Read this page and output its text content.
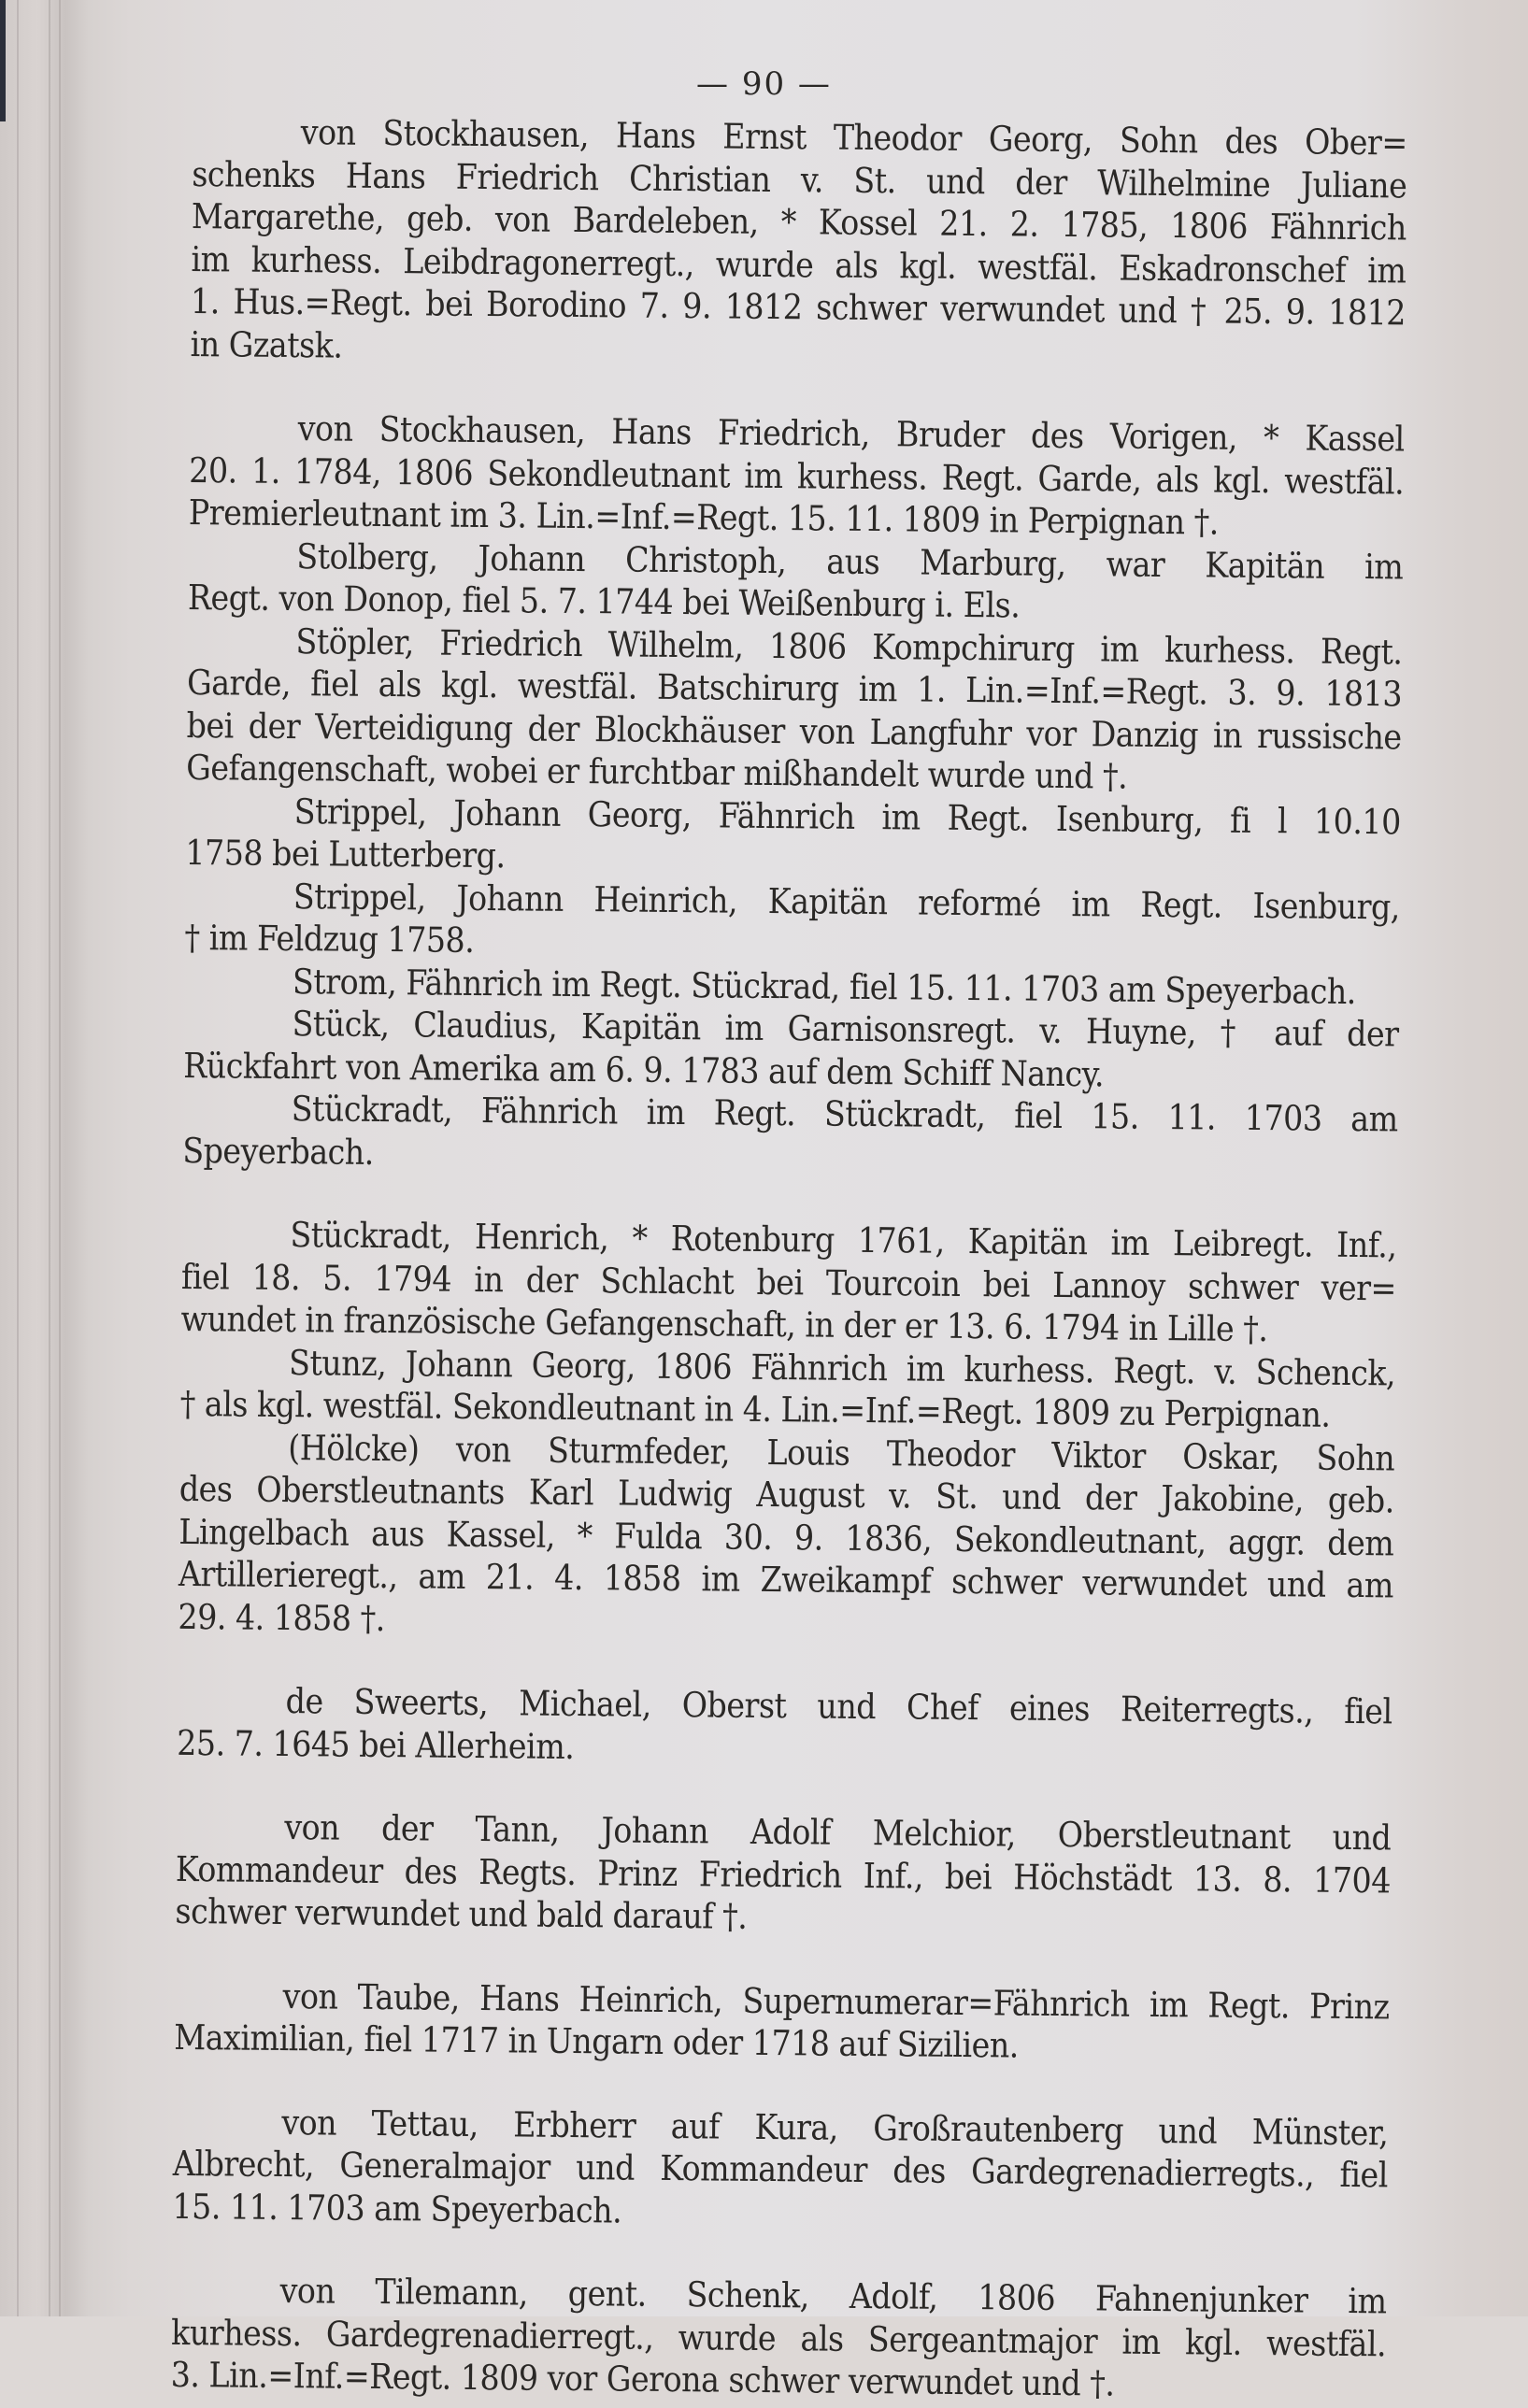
— 90 —
von Stockhausen, Hans Ernst Theodor Georg, Sohn des Ober=
schenks Hans Friedrich Christian v. St. und der Wilhelmine Juliane
Margarethe, geb. von Bardeleben, * Kossel 21. 2. 1785, 1806 Fähnrich
im kurhess. Leibdragonerregt., wurde als kgl. westfäl. Eskadronschef im
1. Hus.=Regt. bei Borodino 7. 9. 1812 schwer verwundet und † 25. 9. 1812
in Gzatsk.
von Stockhausen, Hans Friedrich, Bruder des Vorigen, * Kassel
20. 1. 1784, 1806 Sekondleutnant im kurhess. Regt. Garde, als kgl. westfäl.
Premierleutnant im 3. Lin.=Inf.=Regt. 15. 11. 1809 in Perpignan †.
Stolberg, Johann Christoph, aus Marburg, war Kapitän im
Regt. von Donop, fiel 5. 7. 1744 bei Weißenburg i. Els.
Stöpler, Friedrich Wilhelm, 1806 Kompchirurg im kurhess. Regt.
Garde, fiel als kgl. westfäl. Batschirurg im 1. Lin.=Inf.=Regt. 3. 9. 1813
bei der Verteidigung der Blockhäuser von Langfuhr vor Danzig in russische
Gefangenschaft, wobei er furchtbar mißhandelt wurde und †.
Strippel, Johann Georg, Fähnrich im Regt. Isenburg, fi l 10.10
1758 bei Lutterberg.
Strippel, Johann Heinrich, Kapitän reformé im Regt. Isenburg,
† im Feldzug 1758.
Strom, Fähnrich im Regt. Stückrad, fiel 15. 11. 1703 am Speyerbach.
Stück, Claudius, Kapitän im Garnisonsregt. v. Huyne, † auf der
Rückfahrt von Amerika am 6. 9. 1783 auf dem Schiff Nancy.
Stückradt, Fähnrich im Regt. Stückradt, fiel 15. 11. 1703 am
Speyerbach.
Stückradt, Henrich, * Rotenburg 1761, Kapitän im Leibregt. Inf.,
fiel 18. 5. 1794 in der Schlacht bei Tourcoin bei Lannoy schwer ver=
wundet in französische Gefangenschaft, in der er 13. 6. 1794 in Lille †.
Stunz, Johann Georg, 1806 Fähnrich im kurhess. Regt. v. Schenck,
† als kgl. westfäl. Sekondleutnant in 4. Lin.=Inf.=Regt. 1809 zu Perpignan.
(Hölcke) von Sturmfeder, Louis Theodor Viktor Oskar, Sohn
des Oberstleutnants Karl Ludwig August v. St. und der Jakobine, geb.
Lingelbach aus Kassel, * Fulda 30. 9. 1836, Sekondleutnant, aggr. dem
Artillerieregt., am 21. 4. 1858 im Zweikampf schwer verwundet und am
29. 4. 1858 †.
de Sweerts, Michael, Oberst und Chef eines Reiterregts., fiel
25. 7. 1645 bei Allerheim.
von der Tann, Johann Adolf Melchior, Oberstleutnant und
Kommandeur des Regts. Prinz Friedrich Inf., bei Höchstädt 13. 8. 1704
schwer verwundet und bald darauf †.
von Taube, Hans Heinrich, Supernumerar=Fähnrich im Regt. Prinz
Maximilian, fiel 1717 in Ungarn oder 1718 auf Sizilien.
von Tettau, Erbherr auf Kura, Großrautenberg und Münster,
Albrecht, Generalmajor und Kommandeur des Gardegrenadierregts., fiel
15. 11. 1703 am Speyerbach.
von Tilemann, gent. Schenk, Adolf, 1806 Fahnenjunker im
kurhess. Gardegrenadierregt., wurde als Sergeantmajor im kgl. westfäl.
3. Lin.=Inf.=Regt. 1809 vor Gerona schwer verwundet und †.
